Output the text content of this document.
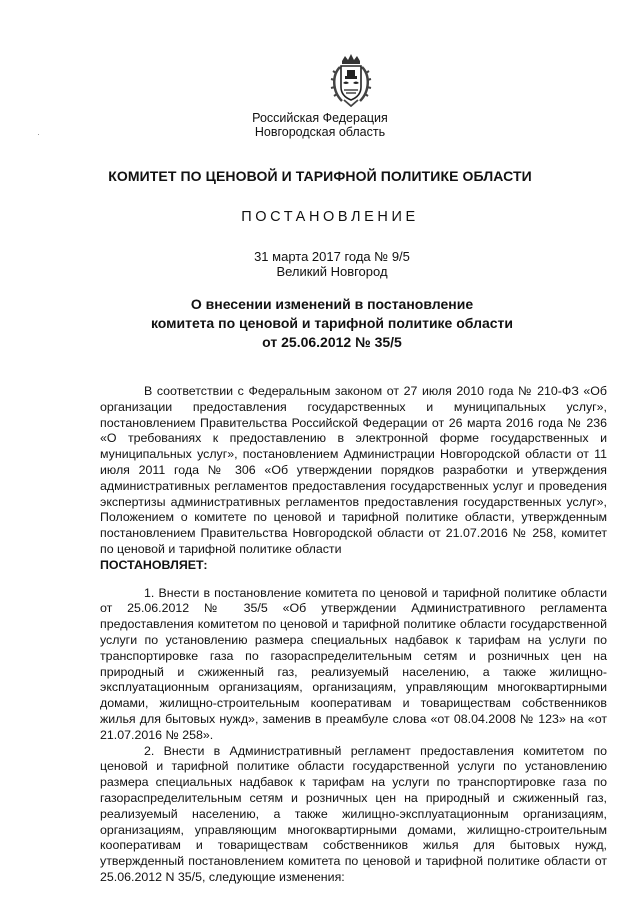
·
Российская Федерация
Новгородская область
КОМИТЕТ ПО ЦЕНОВОЙ И ТАРИФНОЙ ПОЛИТИКЕ ОБЛАСТИ
ПОСТАНОВЛЕНИЕ
31 марта 2017 года № 9/5
Великий Новгород
О внесении изменений в постановление
комитета по ценовой и тарифной политике области
от 25.06.2012 № 35/5

В соответствии с Федеральным законом от 27 июля 2010 года № 210-ФЗ «Об организации предоставления государственных и муниципальных услуг», постановлением Правительства Российской Федерации от 26 марта 2016 года № 236 «О требованиях к предоставлению в электронной форме государственных и муниципальных услуг», постановлением Администрации Новгородской области от 11 июля 2011 года № 306 «Об утверждении порядков разработки и утверждения административных регламентов предоставления государственных услуг и проведения экспертизы административных регламентов предоставления государственных услуг», Положением о комитете по ценовой и тарифной политике области, утвержденным постановлением Правительства Новгородской области от 21.07.2016 № 258, комитет по ценовой и тарифной политике области
ПОСТАНОВЛЯЕТ:

1. Внести в постановление комитета по ценовой и тарифной политике области от 25.06.2012 № 35/5 «Об утверждении Административного регламента предоставления комитетом по ценовой и тарифной политике области государственной услуги по установлению размера специальных надбавок к тарифам на услуги по транспортировке газа по газораспределительным сетям и розничных цен на природный и сжиженный газ, реализуемый населению, а также жилищно-эксплуатационным организациям, организациям, управляющим многоквартирными домами, жилищно-строительным кооперативам и товариществам собственников жилья для бытовых нужд», заменив в преамбуле слова «от 08.04.2008 № 123» на «от 21.07.2016 № 258».

2. Внести в Административный регламент предоставления комитетом по ценовой и тарифной политике области государственной услуги по установлению размера специальных надбавок к тарифам на услуги по транспортировке газа по газораспределительным сетям и розничных цен на природный и сжиженный газ, реализуемый населению, а также жилищно-эксплуатационным организациям, организациям, управляющим многоквартирными домами, жилищно-строительным кооперативам и товариществам собственников жилья для бытовых нужд, утвержденный постановлением комитета по ценовой и тарифной политике области от 25.06.2012 N 35/5, следующие изменения:
